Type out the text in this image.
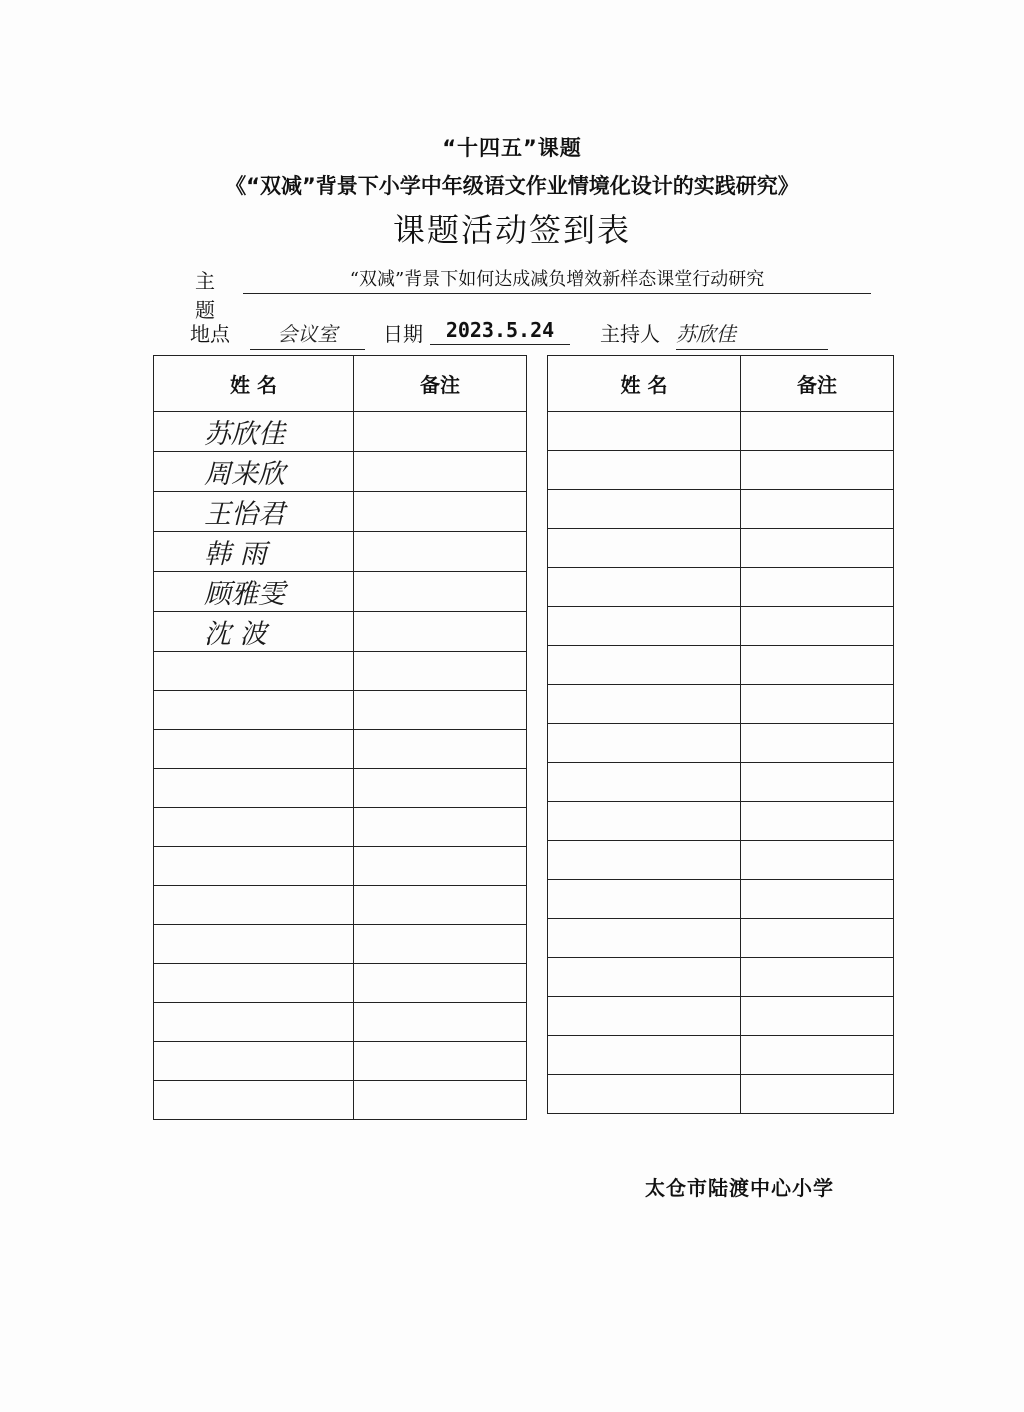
“十四五”课题
《“双减”背景下小学中年级语文作业情境化设计的实践研究》
课题活动签到表
主题
“双减”背景下如何达成减负增效新样态课堂行动研究
地点	会议室	日期	2023.5.24	主持人 苏欣佳
姓 名	备注
苏欣佳	
周来欣	
王怡君	
韩 雨	
顾雅雯	
沈 波	

姓 名	备注

太仓市陆渡中心小学
